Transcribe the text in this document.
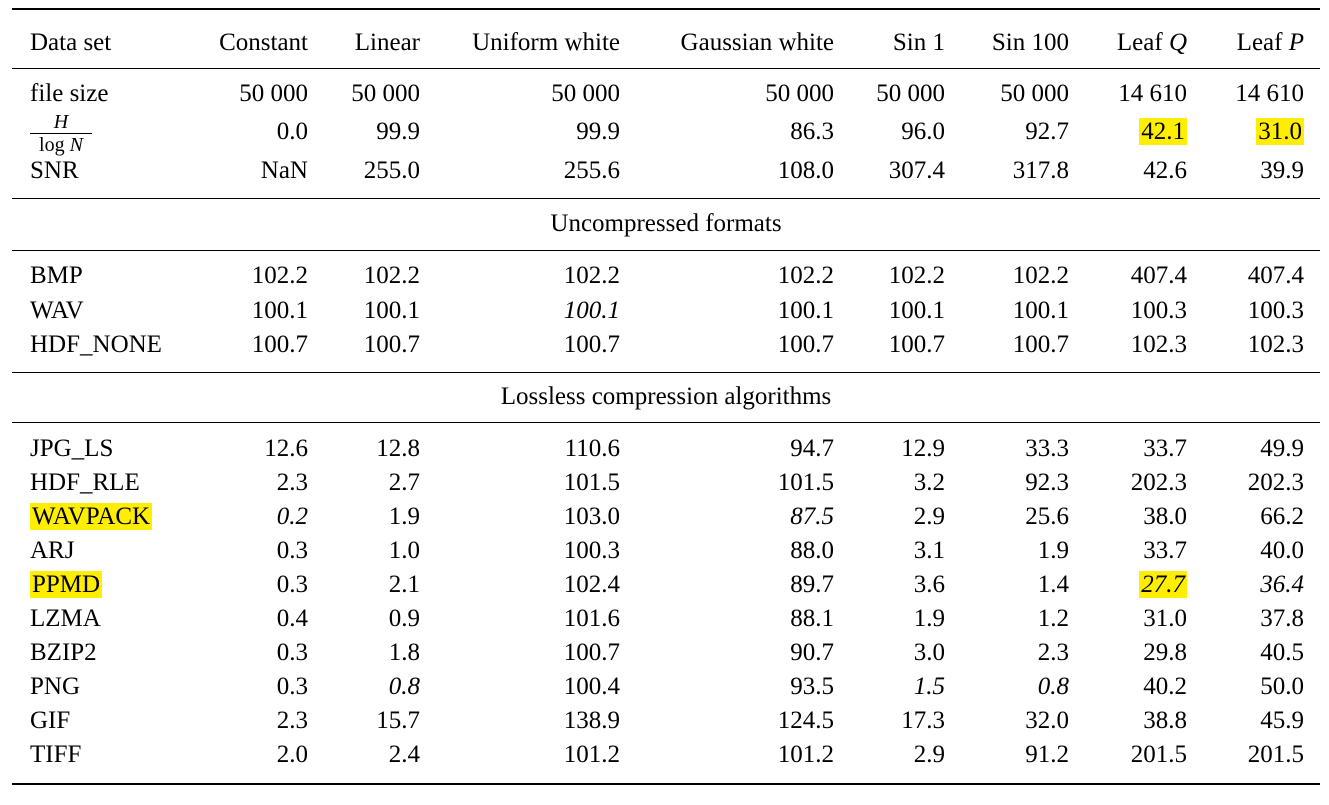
Data set	Constant	Linear	Uniform white	Gaussian white	Sin 1	Sin 100	Leaf Q	Leaf P
file size	50 000	50 000	50 000	50 000	50 000	50 000	14 610	14 610
$\frac{H}{\text{log N}}$	0.0	99.9	99.9	86.3	96.0	92.7	42.1	31.0
SNR	NaN	255.0	255.6	108.0	307.4	317.8	42.6	39.9
Uncompressed formats
Lossless compression algorithms
BMP	102.2	102.2	102.2	102.2	102.2	102.2	407.4	407.4
WAV	100.1	100.1	100.1	100.1	100.1	100.1	100.3	100.3
HDF_NONE	100.7	100.7	100.7	100.7	100.7	100.7	102.3	102.3
JPG_LS	12.6	12.8	110.6	94.7	12.9	33.3	33.7	49.9
HDF_RLE	2.3	2.7	101.5	101.5	3.2	92.3	202.3	202.3
WAVPACK	0.2	1.9	103.0	87.5	2.9	25.6	38.0	66.2
ARJ	0.3	1.0	100.3	88.0	3.1	1.9	33.7	40.0
PPMD	0.3	2.1	102.4	89.7	3.6	1.4	27.7	36.4
LZMA	0.4	0.9	101.6	88.1	1.9	1.2	31.0	37.8
BZIP2	0.3	1.8	100.7	90.7	3.0	2.3	29.8	40.5
PNG	0.3	0.8	100.4	93.5	1.5	0.8	40.2	50.0
GIF	2.3	15.7	138.9	124.5	17.3	32.0	38.8	45.9
TIFF	2.0	2.4	101.2	101.2	2.9	91.2	201.5	201.5
